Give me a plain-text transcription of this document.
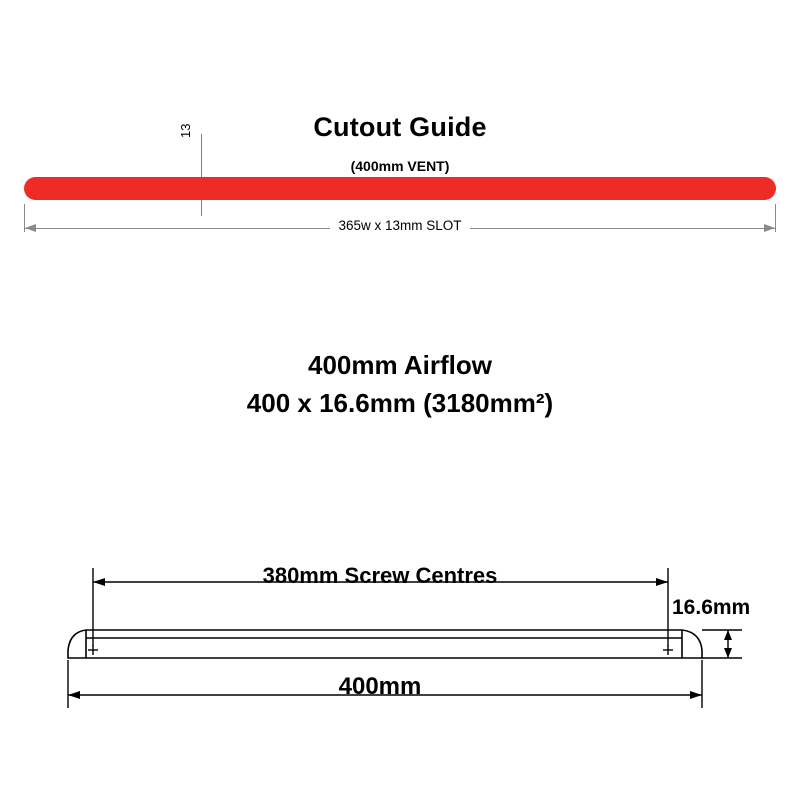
Cutout Guide
(400mm VENT)
13
365w x 13mm SLOT
400mm Airflow
400 x 16.6mm (3180mm²)
380mm Screw Centres
16.6mm
400mm
